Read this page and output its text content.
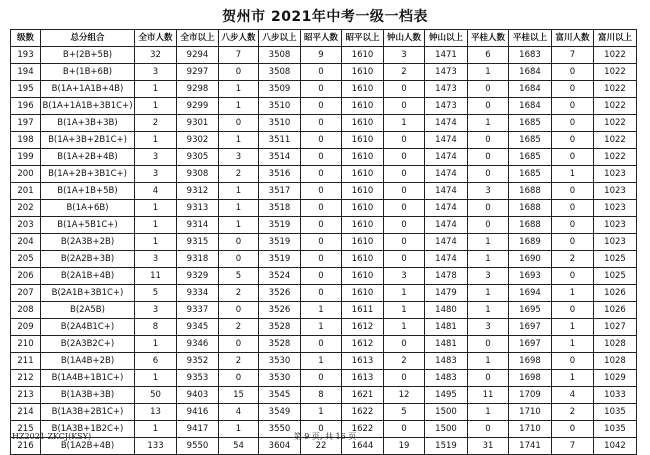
贺州市 2021年中考一级一档表
级数	总分组合	全市人数	全市以上	八步人数	八步以上	昭平人数	昭平以上	钟山人数	钟山以上	平桂人数	平桂以上	富川人数	富川以上
193	B+(2B+5B)	32	9294	7	3508	9	1610	3	1471	6	1683	7	1022
194	B+(1B+6B)	3	9297	0	3508	0	1610	2	1473	1	1684	0	1022
195	B(1A+1A1B+4B)	1	9298	1	3509	0	1610	0	1473	0	1684	0	1022
196	B(1A+1A1B+3B1C+)	1	9299	1	3510	0	1610	0	1473	0	1684	0	1022
197	B(1A+3B+3B)	2	9301	0	3510	0	1610	1	1474	1	1685	0	1022
198	B(1A+3B+2B1C+)	1	9302	1	3511	0	1610	0	1474	0	1685	0	1022
199	B(1A+2B+4B)	3	9305	3	3514	0	1610	0	1474	0	1685	0	1022
200	B(1A+2B+3B1C+)	3	9308	2	3516	0	1610	0	1474	0	1685	1	1023
201	B(1A+1B+5B)	4	9312	1	3517	0	1610	0	1474	3	1688	0	1023
202	B(1A+6B)	1	9313	1	3518	0	1610	0	1474	0	1688	0	1023
203	B(1A+5B1C+)	1	9314	1	3519	0	1610	0	1474	0	1688	0	1023
204	B(2A3B+2B)	1	9315	0	3519	0	1610	0	1474	1	1689	0	1023
205	B(2A2B+3B)	3	9318	0	3519	0	1610	0	1474	1	1690	2	1025
206	B(2A1B+4B)	11	9329	5	3524	0	1610	3	1478	3	1693	0	1025
207	B(2A1B+3B1C+)	5	9334	2	3526	0	1610	1	1479	1	1694	1	1026
208	B(2A5B)	3	9337	0	3526	1	1611	1	1480	1	1695	0	1026
209	B(2A4B1C+)	8	9345	2	3528	1	1612	1	1481	3	1697	1	1027
210	B(2A3B2C+)	1	9346	0	3528	0	1612	0	1481	0	1697	1	1028
211	B(1A4B+2B)	6	9352	2	3530	1	1613	2	1483	1	1698	0	1028
212	B(1A4B+1B1C+)	1	9353	0	3530	0	1613	0	1483	0	1698	1	1029
213	B(1A3B+3B)	50	9403	15	3545	8	1621	12	1495	11	1709	4	1033
214	B(1A3B+2B1C+)	13	9416	4	3549	1	1622	5	1500	1	1710	2	1035
215	B(1A3B+1B2C+)	1	9417	1	3550	0	1622	0	1500	0	1710	0	1035
216	B(1A2B+4B)	133	9550	54	3604	22	1644	19	1519	31	1741	7	1042
HZ2021 ZKCJ(KSY)	第 9 页, 共 16 页
